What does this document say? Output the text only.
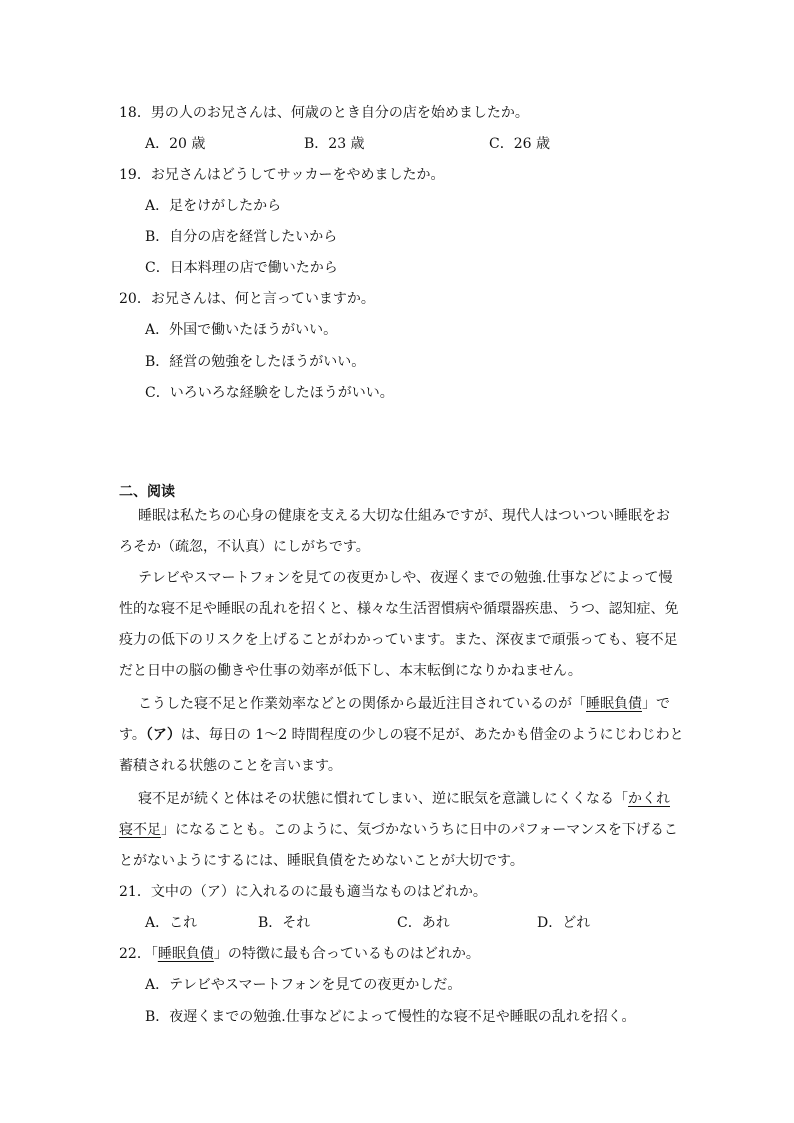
18．男の人のお兄さんは、何歳のとき自分の店を始めましたか。
A．20 歳	B．23 歳	C．26 歳
19．お兄さんはどうしてサッカーをやめましたか。
A．足をけがしたから
B．自分の店を経営したいから
C．日本料理の店で働いたから
20．お兄さんは、何と言っていますか。
A．外国で働いたほうがいい。
B．経営の勉強をしたほうがいい。
C．いろいろな経験をしたほうがいい。
二、阅读
睡眠は私たちの心身の健康を支える大切な仕組みですが、現代人はついつい睡眠をお
ろそか（疏忽，不认真）にしがちです。
テレビやスマートフォンを見ての夜更かしや、夜遅くまでの勉強.仕事などによって慢
性的な寝不足や睡眠の乱れを招くと、様々な生活習慣病や循環器疾患、うつ、認知症、免
疫力の低下のリスクを上げることがわかっています。また、深夜まで頑張っても、寝不足
だと日中の脳の働きや仕事の効率が低下し、本末転倒になりかねません。
こうした寝不足と作業効率などとの関係から最近注目されているのが「睡眠負債」で
す。（ア）は、毎日の 1～2 時間程度の少しの寝不足が、あたかも借金のようにじわじわと
蓄積される状態のことを言います。
寝不足が続くと体はその状態に慣れてしまい、逆に眠気を意識しにくくなる「かくれ
寝不足」になることも。このように、気づかないうちに日中のパフォーマンスを下げるこ
とがないようにするには、睡眠負債をためないことが大切です。
21．文中の（ア）に入れるのに最も適当なものはどれか。
A．これ	B．それ	C．あれ	D．どれ
22．「睡眠負債」の特徴に最も合っているものはどれか。
A．テレビやスマートフォンを見ての夜更かしだ。
B．夜遅くまでの勉強.仕事などによって慢性的な寝不足や睡眠の乱れを招く。
